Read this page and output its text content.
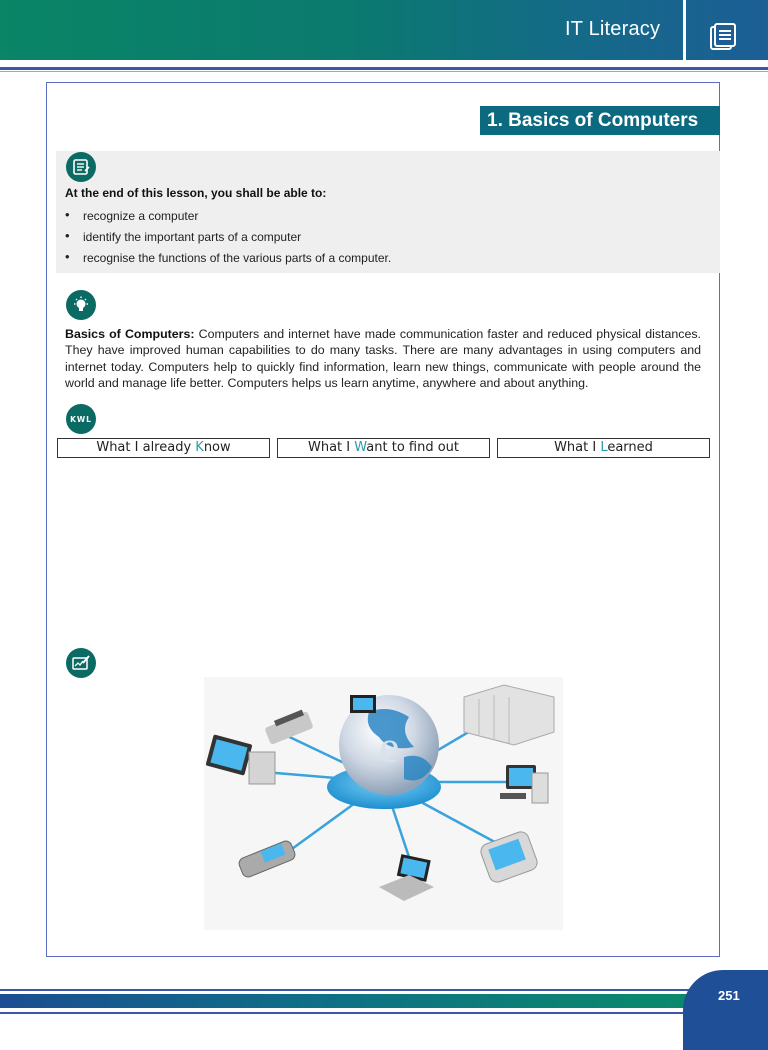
IT Literacy
1. Basics of Computers
At the end of this lesson, you shall be able to:
• recognize a computer
• identify the important parts of a computer
• recognise the functions of the various parts of a computer.
Basics of Computers: Computers and internet have made communication faster and reduced physical distances. They have improved human capabilities to do many tasks. There are many advantages in using computers and internet today. Computers help to quickly find information, learn new things, communicate with people around the world and manage life better. Computers helps us learn anytime, anywhere and about anything.
KWL
What I already Know	What I Want to find out	What I Learned
e
251
